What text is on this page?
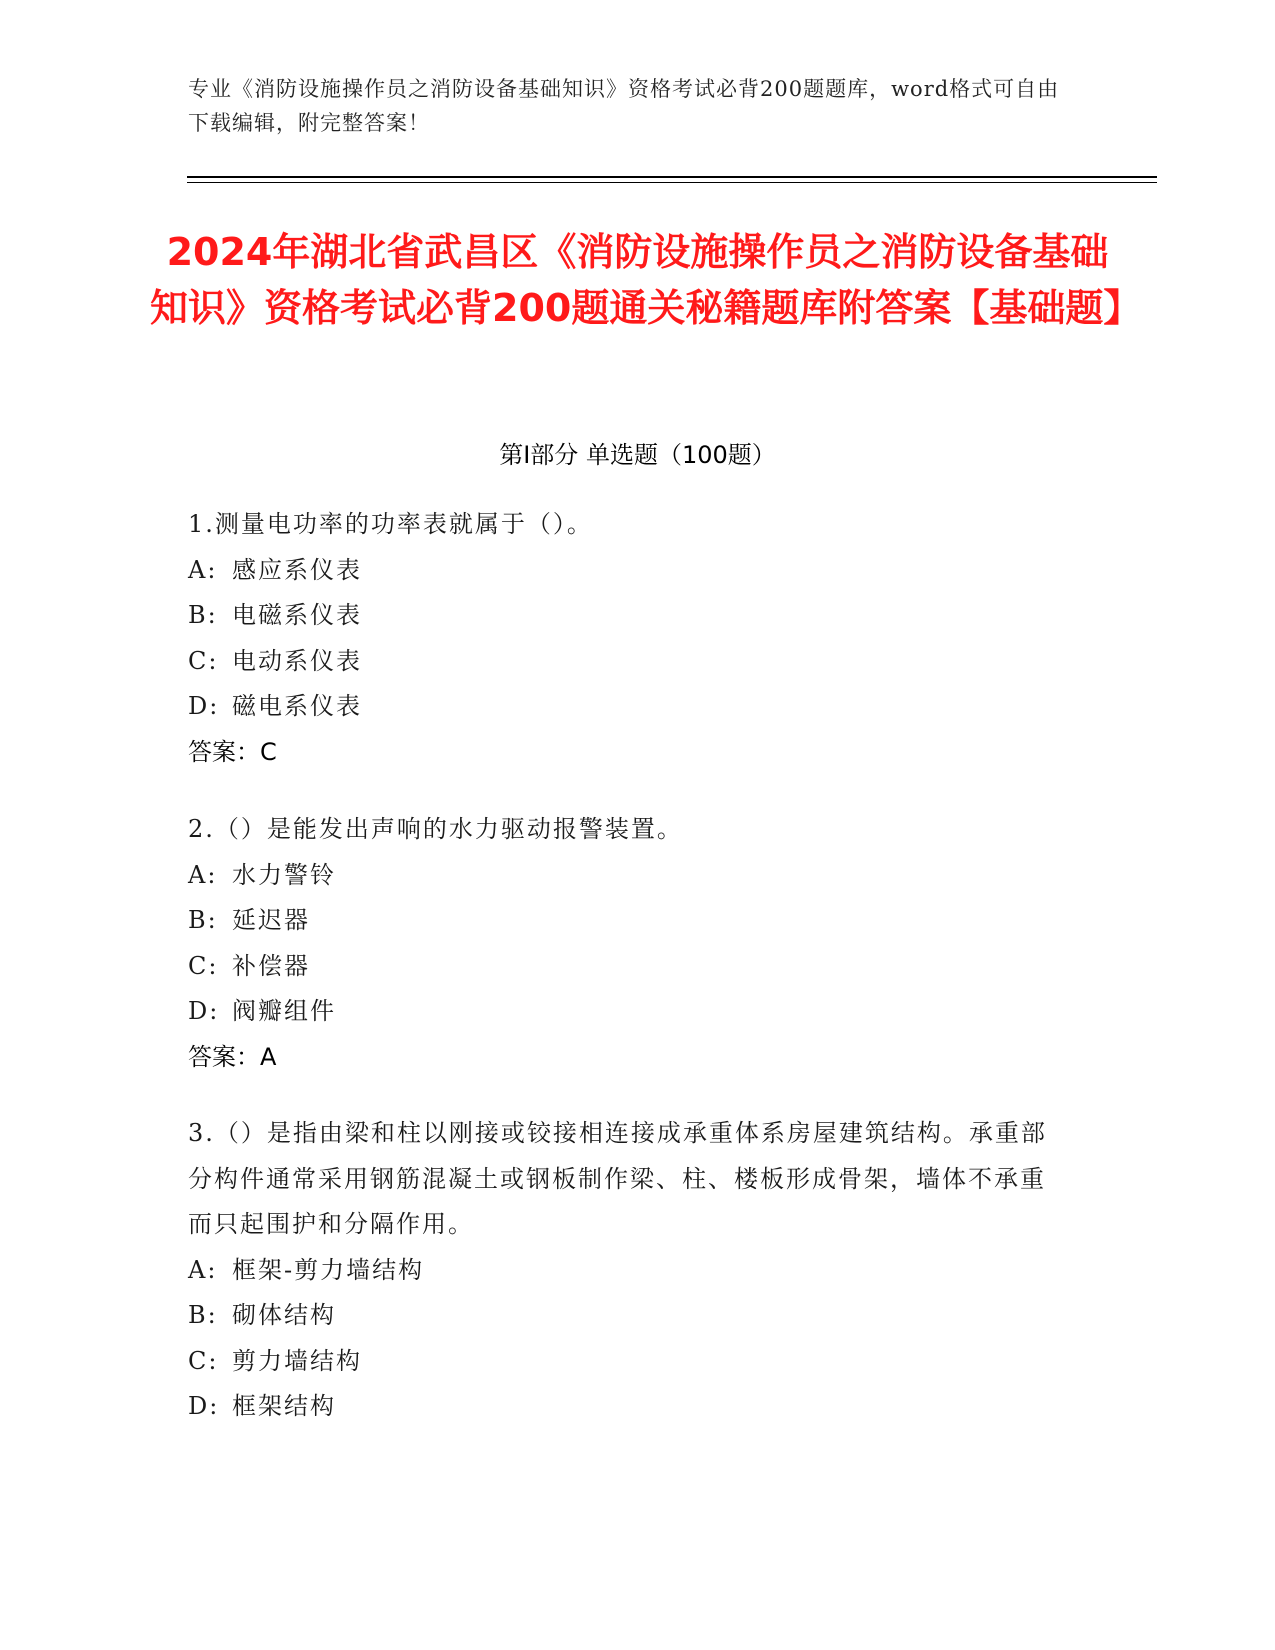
专业《消防设施操作员之消防设备基础知识》资格考试必背200题题库，word格式可自由下载编辑，附完整答案！
2024年湖北省武昌区《消防设施操作员之消防设备基础知识》资格考试必背200题通关秘籍题库附答案【基础题】
第Ⅰ部分 单选题（100题）
1.测量电功率的功率表就属于（）。
A: 感应系仪表
B: 电磁系仪表
C: 电动系仪表
D: 磁电系仪表
答案：C
2.（）是能发出声响的水力驱动报警装置。
A: 水力警铃
B: 延迟器
C: 补偿器
D: 阀瓣组件
答案：A
3.（）是指由梁和柱以刚接或铰接相连接成承重体系房屋建筑结构。承重部分构件通常采用钢筋混凝土或钢板制作梁、柱、楼板形成骨架，墙体不承重而只起围护和分隔作用。
A: 框架-剪力墙结构
B: 砌体结构
C: 剪力墙结构
D: 框架结构
